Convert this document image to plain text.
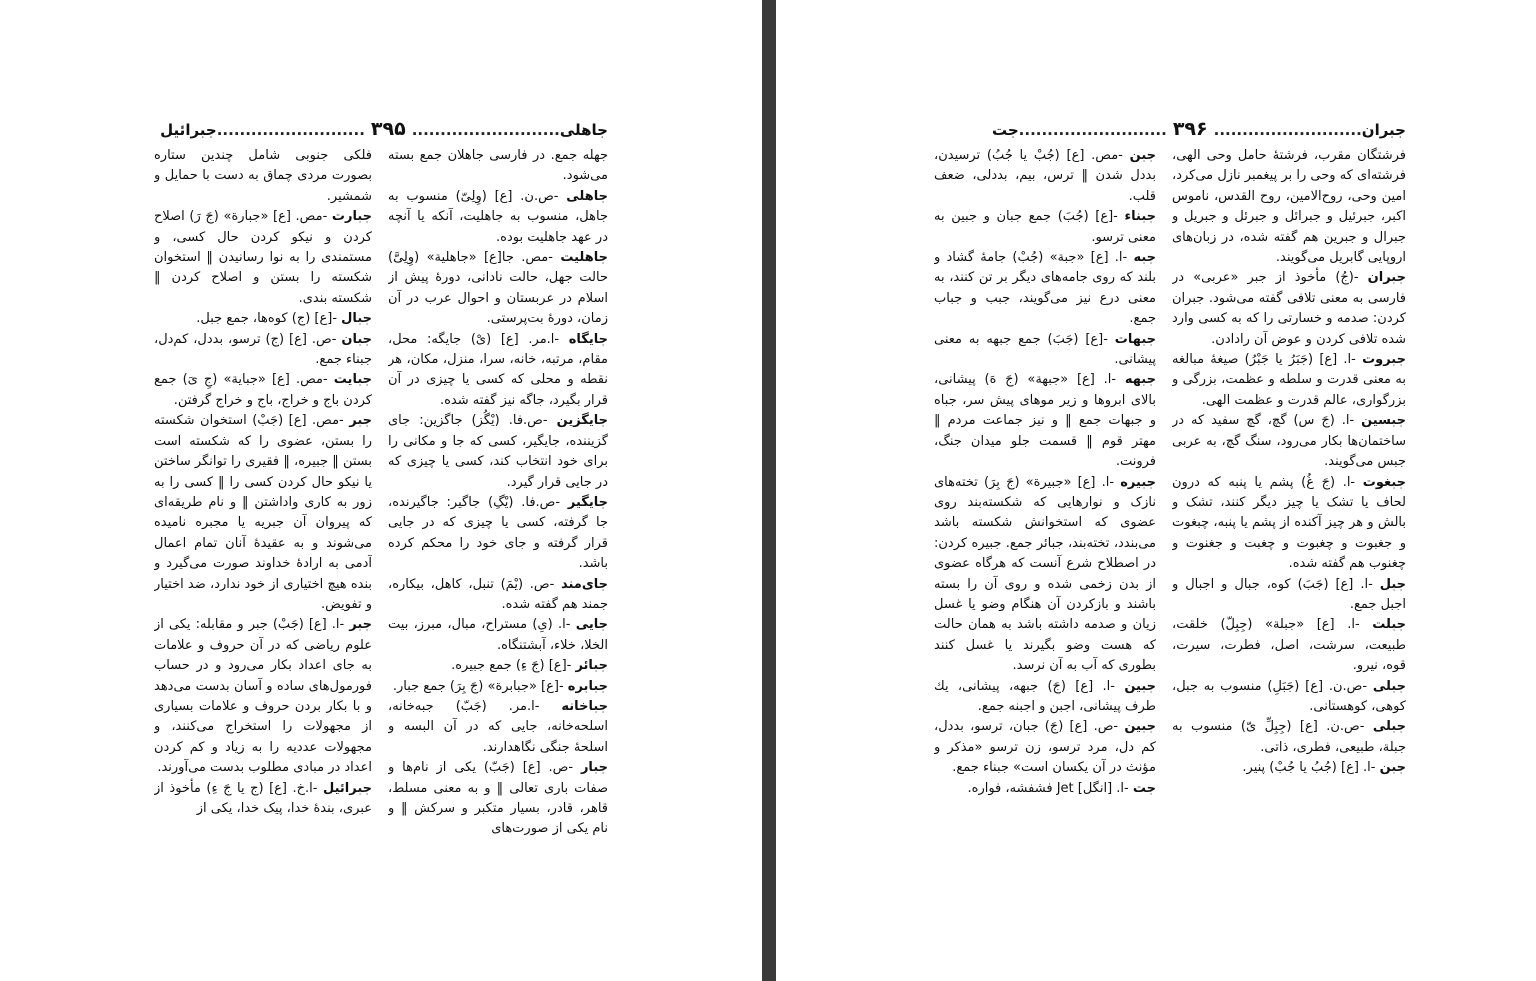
جاهلی..........................۳۹۵..........................جبرائیل

جهله جمع. در فارسی جاهلان جمع بسته می‌شود.

جاهلی -ص.ن. [ع] (وِلِیّ) منسوب به جاهل، منسوب به جاهلیت، آنکه یا آنچه در عهد جاهلیت بوده.

جاهلیت -مص. جا[ع] «جاهلیة» (وِلِیَّ) حالت جهل، حالت نادانی، دورهٔ پیش از اسلام در عربستان و احوال عرب در آن زمان، دورهٔ بت‌پرستی.

جایگاه -ا.مر. [ع] (یْ) جایگه: محل، مقام، مرتبه، خانه، سرا، منزل، مکان، هر نقطه و محلی که کسی یا چیزی در آن قرار بگیرد، جاگه نیز گفته شده.

جایگزین -ص.فا. (یْگُز) جاگزین: جای گزیننده، جایگیر، کسی که جا و مکانی را برای خود انتخاب کند، کسی یا چیزی که در جایی قرار گیرد.

جایگیر -ص.فا. (یْگِ) جاگیر: جاگیرنده، جا گرفته، کسی یا چیزی که در جایی قرار گرفته و جای خود را محکم کرده باشد.

جای‌مند -ص. (یْمَ) تنبل، کاهل، بیکاره، جمند هم گفته شده.

جایی -ا. (یِ) مستراح، مبال، مبرز، بیت الخلا، خلاء، آبشتنگاه.

جبائر -[ع] (جَ ءِ) جمع جبیره.

جبابره -[ع] «جبابرة» (جَ بِرَ) جمع جبار.

جباخانه -ا.مر. (جَبّ) جبه‌خانه، اسلحه‌خانه، جایی که در آن البسه و اسلحهٔ جنگی نگاهدارند.

جبار -ص. [ع] (جَبّ) یکی از نام‌ها و صفات باری تعالی ‖ و به معنی مسلط، قاهر، قادر، بسیار متکبر و سرکش ‖ و نام یکی از صورت‌های

فلکی جنوبی شامل چندین ستاره بصورت مردی چماق به دست با حمایل و شمشیر.

جبارت -مص. [ع] «جبارة» (جَ رَ) اصلاح کردن و نیکو کردن حال کسی، و مستمندی را به نوا رسانیدن ‖ استخوان شکسته را بستن و اصلاح کردن ‖ شکسته بندی.

جبال -[ع] (ج) کوه‌ها، جمع جبل.

جبان -ص. [ع] (ج) ترسو، بددل، کم‌دل، جبناء جمع.

جبایت -مص. [ع] «جبایة» (جِ یَ) جمع کردن باج و خراج، باج و خراج گرفتن.

جبر -مص. [ع] (جَبْ) استخوان شکسته را بستن، عضوی را که شکسته است بستن ‖ جبیره، ‖ فقیری را توانگر ساختن یا نیکو حال کردن کسی را ‖ کسی را به زور به کاری واداشتن ‖ و نام طریقه‌ای که پیروان آن جبریه یا مجبره نامیده می‌شوند و به عقیدهٔ آنان تمام اعمال آدمی به ارادهٔ خداوند صورت می‌گیرد و بنده هیچ اختیاری از خود ندارد، ضد اختیار و تفویض.

جبر -ا. [ع] (جَبْ) جبر و مقابله: یکی از علوم ریاضی که در آن حروف و علامات به جای اعداد بکار می‌رود و در حساب فورمول‌های ساده و آسان بدست می‌دهد و با بکار بردن حروف و علامات بسیاری از مجهولات را استخراج می‌کنند، و مجهولات عددیه را به زیاد و کم کردن اعداد در مبادی مطلوب بدست می‌آورند.

جبرائیل -ا.خ. [ع] (ج یا جَ ءِ) مأخوذ از عبری، بندهٔ خدا، پیک خدا، یکی از

جبران..........................۳۹۶..........................جت

فرشتگان مقرب، فرشتهٔ حامل وحی الهی، فرشته‌ای که وحی را بر پیغمبر نازل می‌کرد، امین وحی، روح‌الامین، روح القدس، ناموس اکبر، جبرئیل و جبرائل و جبرئل و جبریل و جبرال و جبرین هم گفته شده، در زبان‌های اروپایی گابریل می‌گویند.

جبران -(جُ) مأخوذ از جبر «عربی» در فارسی به معنی تلافی گفته می‌شود. جبران کردن: صدمه و خسارتی را که به کسی وارد شده تلافی کردن و عوض آن رادادن.

جبروت -ا. [ع] (جَبَرُ یا جَبْرُ) صیغهٔ مبالغه به معنی قدرت و سلطه و عظمت، بزرگی و بزرگواری، عالم قدرت و عظمت الهی.

جبسین -ا. (جَ س) گچ، گچ سفید که در ساختمان‌ها بکار می‌رود، سنگ گچ، به عربی جبس می‌گویند.

جبغوت -ا. (جَ غُ) پشم یا پنبه که درون لحاف یا تشک یا چیز دیگر کنند، تشک و بالش و هر چیز آکنده از پشم یا پنبه، چبغوت و جغبوت و چغبوت و چغبت و جغنوت و چغنوب هم گفته شده.

جبل -ا. [ع] (جَبَ) کوه، جبال و اجبال و اجبل جمع.

جبلت -ا. [ع] «جبلة» (جِبِلّ) خلقت، طبیعت، سرشت، اصل، فطرت، سیرت، قوه، نیرو.

جبلی -ص.ن. [ع] (جَبَلِ) منسوب به جبل، کوهی، کوهستانی.

جبلی -ص.ن. [ع] (جِبِلِّ یّ) منسوب به جبلة، طبیعی، فطری، ذاتی.

جبن -ا. [ع] (جُبُ یا جُبْ) پنیر.

جبن -مص. [ع] (جُبْ یا جُبُ) ترسیدن، بددل شدن ‖ ترس، بیم، بددلی، ضعف قلب.

جبناء -[ع] (جُبَ) جمع جبان و جبین به معنی ترسو.

جبه -ا. [ع] «جبة» (جُبْ) جامهٔ گشاد و بلند که روی جامه‌های دیگر بر تن کنند، به معنی درع نیز می‌گویند، جبب و جباب جمع.

جبهات -[ع] (جَبَ) جمع جبهه به معنی پیشانی.

جبهه -ا. [ع] «جبهة» (جَ هَ) پیشانی، بالای ابروها و زیر موهای پیش سر، جباه و جبهات جمع ‖ و نیز جماعت مردم ‖ مهتر قوم ‖ قسمت جلو میدان جنگ، فرونت.

جبیره -ا. [ع] «جبیرة» (جَ بِرَ) تخته‌های نازک و نوارهایی که شکسته‌بند روی عضوی که استخوانش شکسته باشد می‌بندد، تخته‌بند، جبائر جمع. جبیره کردن: در اصطلاح شرع آنست که هرگاه عضوی از بدن زخمی شده و روی آن را بسته باشند و بازکردن آن هنگام وضو یا غسل زیان و صدمه داشته باشد به همان حالت که هست وضو بگیرند یا غسل کنند بطوری که آب به آن نرسد.

جبین -ا. [ع] (جَ) جبهه، پیشانی، یك طرف پیشانی، اجبن و اجبنه جمع.

جبین -ص. [ع] (جَ) جبان، ترسو، بددل، کم دل، مرد ترسو، زن ترسو «مذکر و مؤنث در آن یکسان است» جبناء جمع.

جت -ا. [انگل] Jet فشفشه، فواره.
